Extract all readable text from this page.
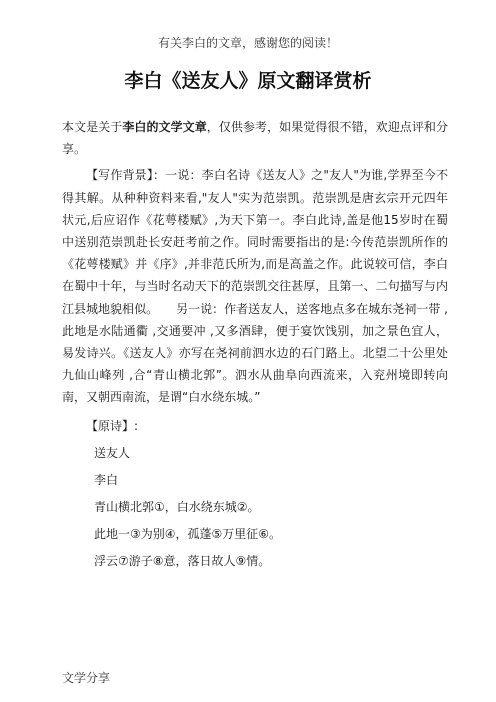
有关李白的文章，感谢您的阅读！
李白《送友人》原文翻译赏析

本文是关于李白的文学文章，仅供参考，如果觉得很不错，欢迎点评和分享。

【写作背景】：一说：李白名诗《送友人》之"友人"为谁,学界至今不得其解。从种种资料来看,"友人"实为范崇凯。范崇凯是唐玄宗开元四年状元,后应诏作《花萼楼赋》,为天下第一。李白此诗,盖是他15岁时在蜀中送别范崇凯赴长安赶考前之作。同时需要指出的是:今传范崇凯所作的《花萼楼赋》并《序》,并非范氏所为,而是高盖之作。此说较可信，李白在蜀中十年，与当时名动天下的范崇凯交往甚厚，且第一、二句描写与内江县城地貌相似。　　另一说：作者送友人，送客地点多在城东尧祠一带 ,此地是水陆通衢 ,交通要冲 ,又多酒肆，便于宴饮饯别，加之景色宜人，易发诗兴。《送友人》亦写在尧祠前泗水边的石门路上。北望二十公里处九仙山峰列 ,合“青山横北郭”。泗水从曲阜向西流来，入兖州境即转向南，又朝西南流，是谓“白水绕东城。”

【原诗】:
送友人
李白
青山横北郭①，白水绕东城②。
此地一③为别④，孤蓬⑤万里征⑥。
浮云⑦游子⑧意，落日故人⑨情。
文学分享
